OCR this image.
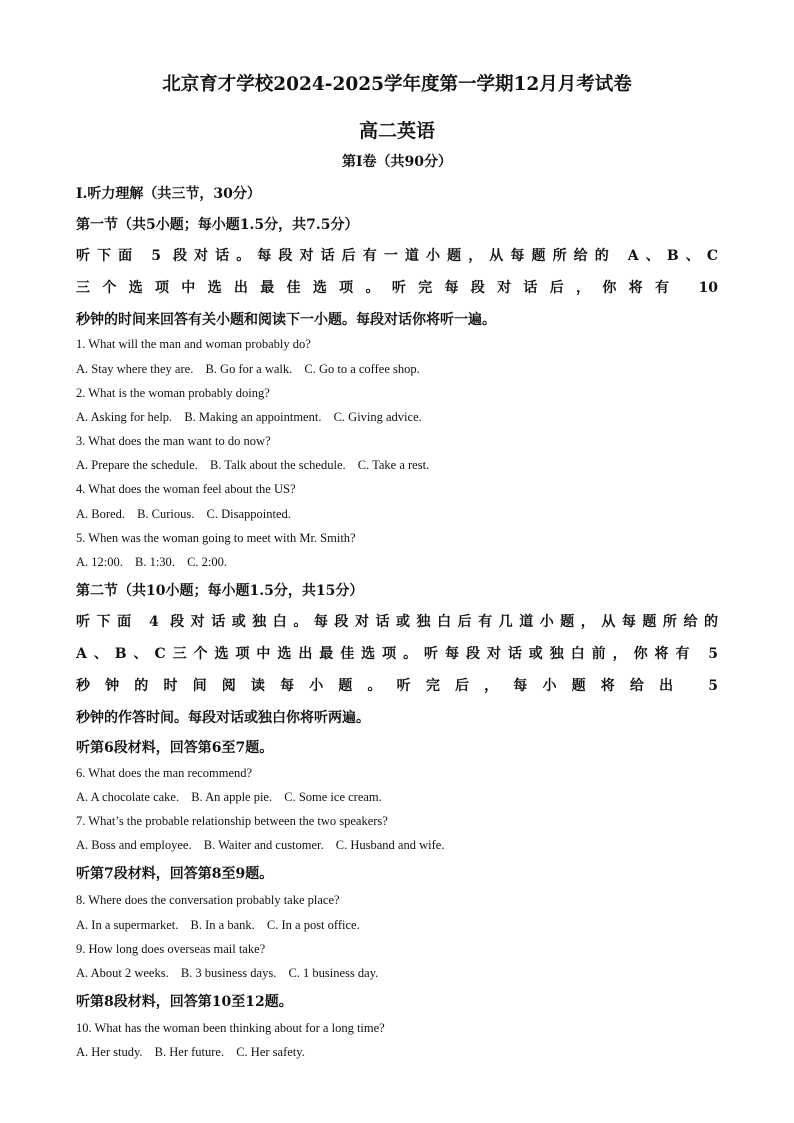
北京育才学校2024-2025学年度第一学期12月月考试卷
高二英语
第Ⅰ卷（共90分）
Ⅰ.听力理解（共三节，30分）
第一节（共5小题；每小题1.5分，共7.5分）
听下面 5 段对话。每段对话后有一道小题，从每题所给的 A、B、C
三个选项中选出最佳选项。听完每段对话后，你将有 10
秒钟的时间来回答有关小题和阅读下一小题。每段对话你将听一遍。
1. What will the man and woman probably do?
A. Stay where they are. B. Go for a walk. C. Go to a coffee shop.
2. What is the woman probably doing?
A. Asking for help. B. Making an appointment. C. Giving advice.
3. What does the man want to do now?
A. Prepare the schedule. B. Talk about the schedule. C. Take a rest.
4. What does the woman feel about the US?
A. Bored. B. Curious. C. Disappointed.
5. When was the woman going to meet with Mr. Smith?
A. 12:00. B. 1:30. C. 2:00.
第二节（共10小题；每小题1.5分，共15分）
听下面 4 段对话或独白。每段对话或独白后有几道小题，从每题所给的
A、B、C三个选项中选出最佳选项。听每段对话或独白前，你将有 5
秒钟的时间阅读每小题。听完后，每小题将给出 5
秒钟的作答时间。每段对话或独白你将听两遍。
听第6段材料，回答第6至7题。
6. What does the man recommend?
A. A chocolate cake. B. An apple pie. C. Some ice cream.
7. What’s the probable relationship between the two speakers?
A. Boss and employee. B. Waiter and customer. C. Husband and wife.
听第7段材料，回答第8至9题。
8. Where does the conversation probably take place?
A. In a supermarket. B. In a bank. C. In a post office.
9. How long does overseas mail take?
A. About 2 weeks. B. 3 business days. C. 1 business day.
听第8段材料，回答第10至12题。
10. What has the woman been thinking about for a long time?
A. Her study. B. Her future. C. Her safety.
